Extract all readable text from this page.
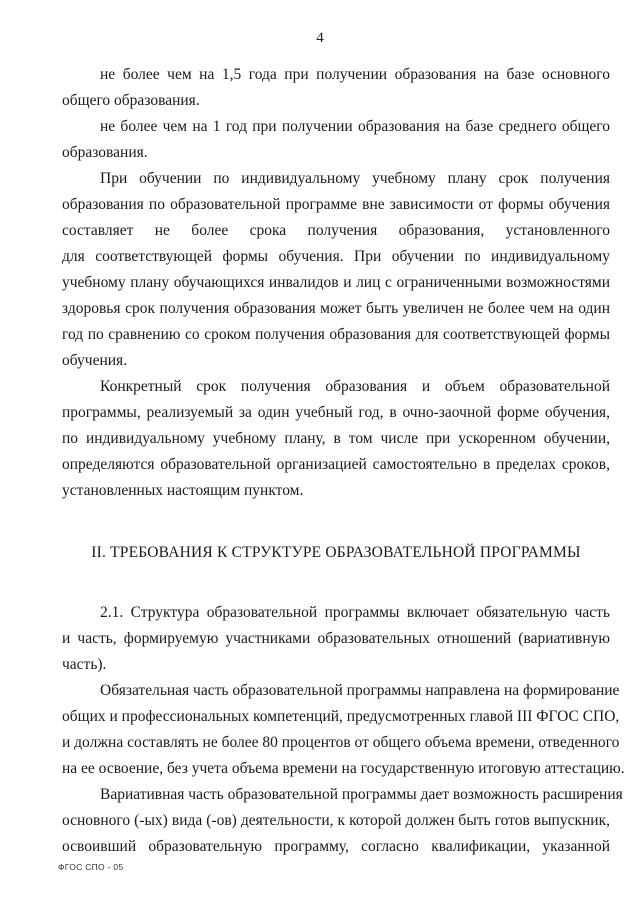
4
не более чем на 1,5 года при получении образования на базе основного
общего образования.
не более чем на 1 год при получении образования на базе среднего общего
образования.
При обучении по индивидуальному учебному плану срок получения
образования по образовательной программе вне зависимости от формы обучения
составляет не более срока получения образования, установленного
для соответствующей формы обучения. При обучении по индивидуальному
учебному плану обучающихся инвалидов и лиц с ограниченными возможностями
здоровья срок получения образования может быть увеличен не более чем на один
год по сравнению со сроком получения образования для соответствующей формы
обучения.
Конкретный срок получения образования и объем образовательной
программы, реализуемый за один учебный год, в очно-заочной форме обучения,
по индивидуальному учебному плану, в том числе при ускоренном обучении,
определяются образовательной организацией самостоятельно в пределах сроков,
установленных настоящим пунктом.
II. ТРЕБОВАНИЯ К СТРУКТУРЕ ОБРАЗОВАТЕЛЬНОЙ ПРОГРАММЫ
2.1. Структура образовательной программы включает обязательную часть
и часть, формируемую участниками образовательных отношений (вариативную
часть).
Обязательная часть образовательной программы направлена на формирование
общих и профессиональных компетенций, предусмотренных главой III ФГОС СПО,
и должна составлять не более 80 процентов от общего объема времени, отведенного
на ее освоение, без учета объема времени на государственную итоговую аттестацию.
Вариативная часть образовательной программы дает возможность расширения
основного (-ых) вида (-ов) деятельности, к которой должен быть готов выпускник,
освоивший образовательную программу, согласно квалификации, указанной
ФГОС СПО - 05
